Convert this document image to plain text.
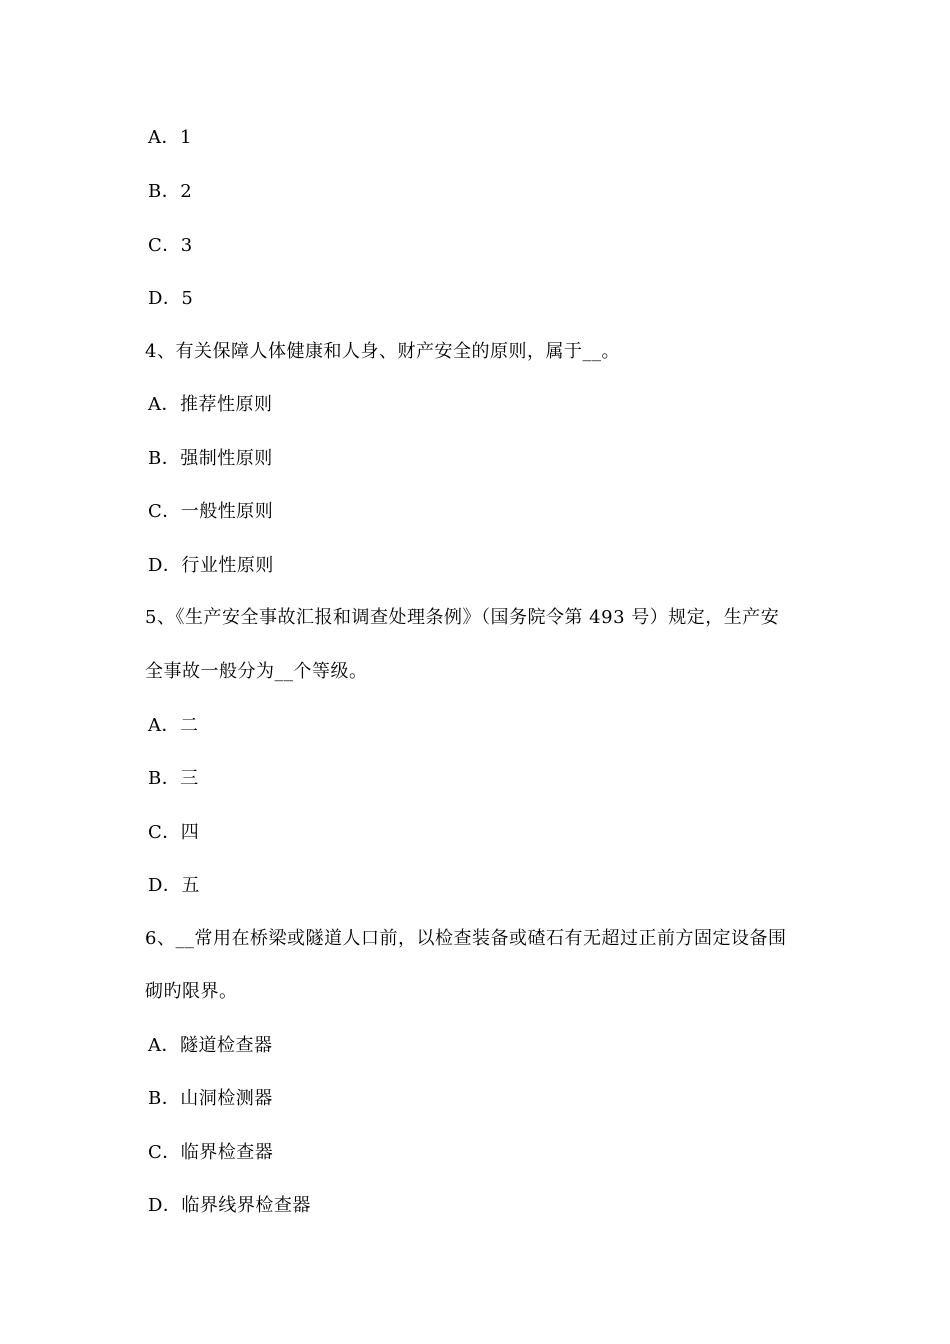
A．1
B．2
C．3
D．5
4、有关保障人体健康和人身、财产安全的原则，属于__。
A．推荐性原则
B．强制性原则
C．一般性原则
D．行业性原则
5、《生产安全事故汇报和调查处理条例》（国务院令第 493 号）规定，生产安
全事故一般分为__个等级。
A．二
B．三
C．四
D．五
6、__常用在桥梁或隧道人口前，以检查装备或碴石有无超过正前方固定设备围
砌旳限界。
A．隧道检查器
B．山洞检测器
C．临界检查器
D．临界线界检查器
